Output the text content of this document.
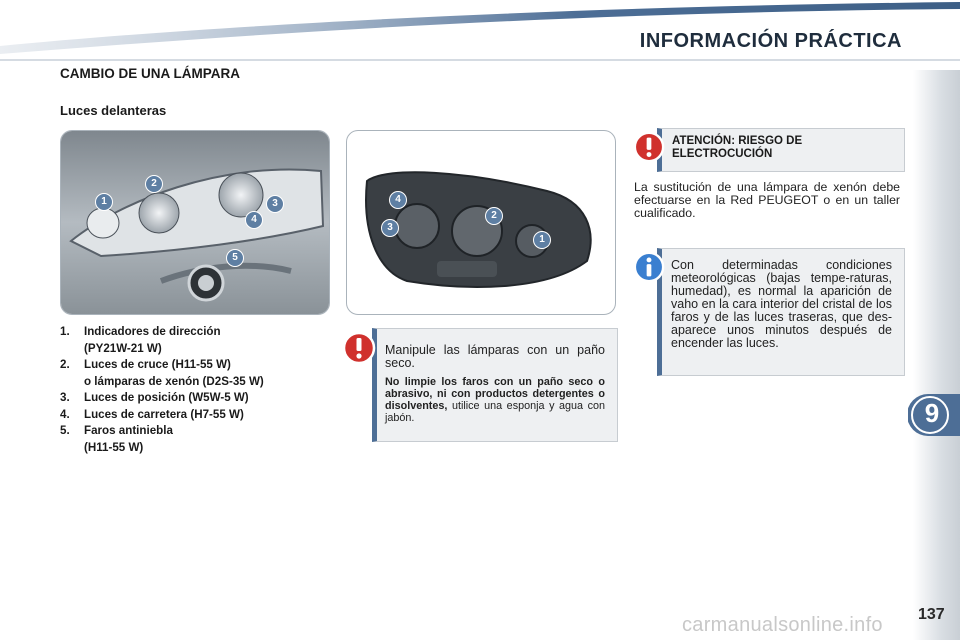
INFORMACIÓN PRÁCTICA
9
137
CAMBIO DE UNA LÁMPARA
Luces delanteras
1
2
3
4
5
1
2
3
4
1.	Indicadores de dirección
(PY21W-21 W)
2.	Luces de cruce (H11-55 W)
o lámparas de xenón (D2S-35 W)
3.	Luces de posición (W5W-5 W)
4.	Luces de carretera (H7-55 W)
5.	Faros antiniebla
(H11-55 W)
Manipule las lámparas con un paño seco.
No limpie los faros con un paño seco o abrasivo, ni con productos detergentes o disolventes, utilice una esponja y agua con jabón.
ATENCIÓN: RIESGO DE ELECTROCUCIÓN
La sustitución de una lámpara de xenón debe efectuarse en la Red PEUGEOT o en un taller cualificado.
Con determinadas condiciones meteorológicas (bajas tempe-raturas, humedad), es normal la aparición de vaho en la cara interior del cristal de los faros y de las luces traseras, que des-aparece unos minutos después de encender las luces.
carmanualsonline.info
